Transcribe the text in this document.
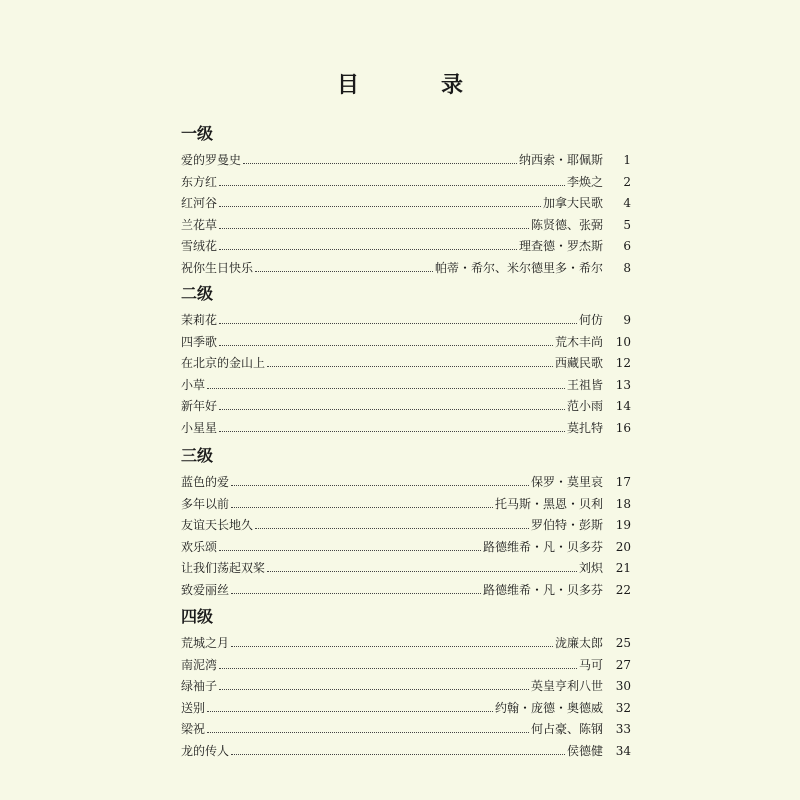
目　录
一级
爱的罗曼史	纳西索・耶佩斯	1
东方红	李焕之	2
红河谷	加拿大民歌	4
兰花草	陈贤德、张弼	5
雪绒花	理查德・罗杰斯	6
祝你生日快乐	帕蒂・希尔、米尔德里多・希尔	8
二级
茉莉花	何仿	9
四季歌	荒木丰尚	10
在北京的金山上	西藏民歌	12
小草	王祖皆	13
新年好	范小雨	14
小星星	莫扎特	16
三级
蓝色的爱	保罗・莫里哀	17
多年以前	托马斯・黑恩・贝利	18
友谊天长地久	罗伯特・彭斯	19
欢乐颂	路德维希・凡・贝多芬	20
让我们荡起双桨	刘炽	21
致爱丽丝	路德维希・凡・贝多芬	22
四级
荒城之月	泷廉太郎	25
南泥湾	马可	27
绿袖子	英皇亨利八世	30
送别	约翰・庞德・奥德威	32
梁祝	何占豪、陈钢	33
龙的传人	侯德健	34
